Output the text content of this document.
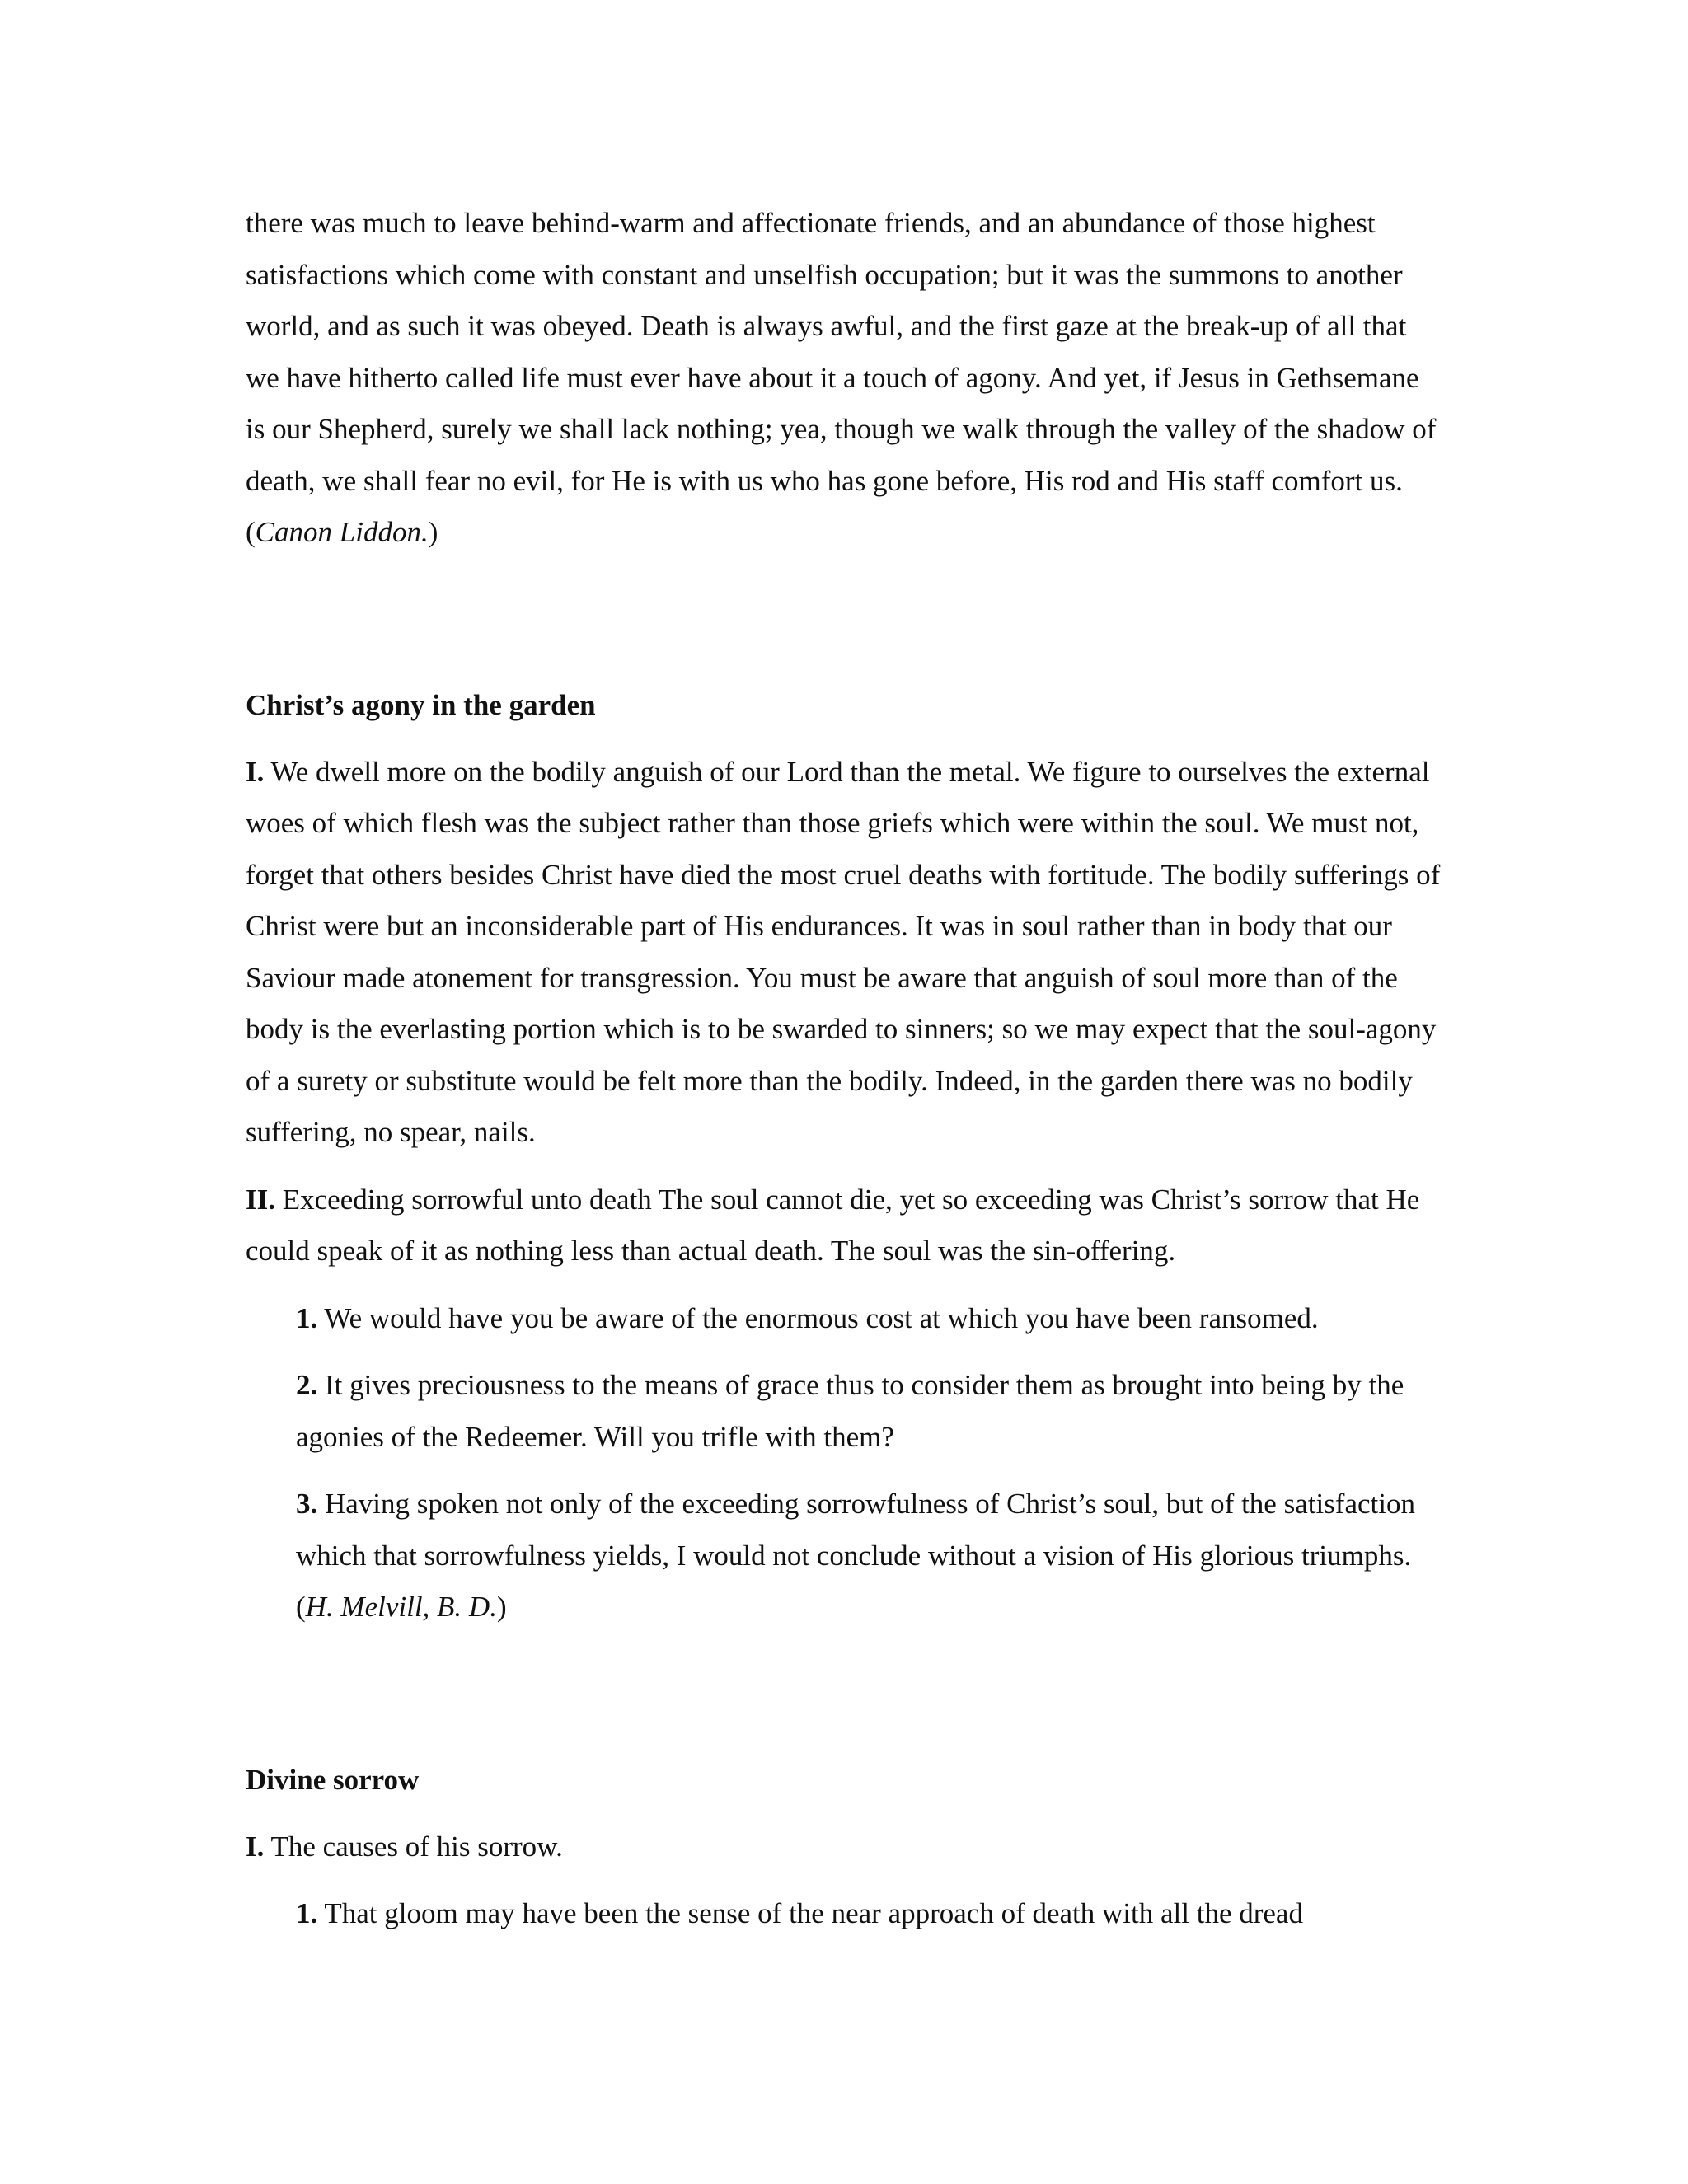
there was much to leave behind-warm and affectionate friends, and an abundance of those highest satisfactions which come with constant and unselfish occupation; but it was the summons to another world, and as such it was obeyed. Death is always awful, and the first gaze at the break-up of all that we have hitherto called life must ever have about it a touch of agony. And yet, if Jesus in Gethsemane is our Shepherd, surely we shall lack nothing; yea, though we walk through the valley of the shadow of death, we shall fear no evil, for He is with us who has gone before, His rod and His staff comfort us. (Canon Liddon.)

Christ’s agony in the garden

I. We dwell more on the bodily anguish of our Lord than the metal. We figure to ourselves the external woes of which flesh was the subject rather than those griefs which were within the soul. We must not, forget that others besides Christ have died the most cruel deaths with fortitude. The bodily sufferings of Christ were but an inconsiderable part of His endurances. It was in soul rather than in body that our Saviour made atonement for transgression. You must be aware that anguish of soul more than of the body is the everlasting portion which is to be swarded to sinners; so we may expect that the soul-agony of a surety or substitute would be felt more than the bodily. Indeed, in the garden there was no bodily suffering, no spear, nails.

II. Exceeding sorrowful unto death The soul cannot die, yet so exceeding was Christ’s sorrow that He could speak of it as nothing less than actual death. The soul was the sin-offering.

1. We would have you be aware of the enormous cost at which you have been ransomed.

2. It gives preciousness to the means of grace thus to consider them as brought into being by the agonies of the Redeemer. Will you trifle with them?

3. Having spoken not only of the exceeding sorrowfulness of Christ’s soul, but of the satisfaction which that sorrowfulness yields, I would not conclude without a vision of His glorious triumphs. (H. Melvill, B. D.)

Divine sorrow

I. The causes of his sorrow.

1. That gloom may have been the sense of the near approach of death with all the dread
